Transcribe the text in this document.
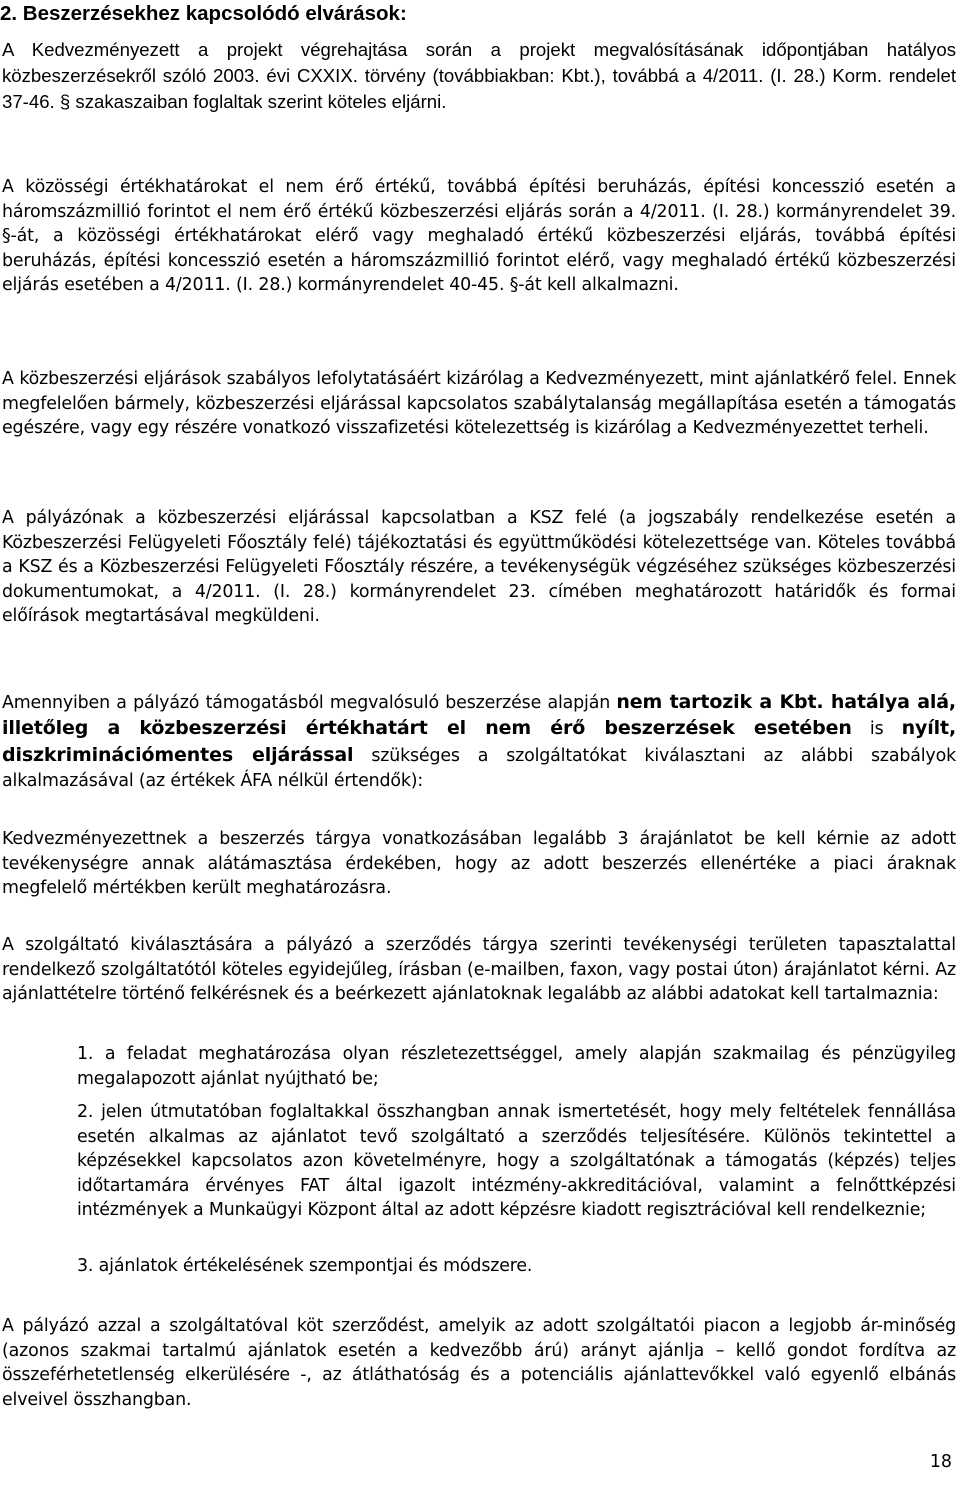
2. Beszerzésekhez kapcsolódó elvárások:

A Kedvezményezett a projekt végrehajtása során a projekt megvalósításának időpontjában hatályos közbeszerzésekről szóló 2003. évi CXXIX. törvény (továbbiakban: Kbt.), továbbá a 4/2011. (I. 28.) Korm. rendelet 37-46. § szakaszaiban foglaltak szerint köteles eljárni.

A közösségi értékhatárokat el nem érő értékű, továbbá építési beruházás, építési koncesszió esetén a háromszázmillió forintot el nem érő értékű közbeszerzési eljárás során a 4/2011. (I. 28.) kormányrendelet 39. §-át, a közösségi értékhatárokat elérő vagy meghaladó értékű közbeszerzési eljárás, továbbá építési beruházás, építési koncesszió esetén a háromszázmillió forintot elérő, vagy meghaladó értékű közbeszerzési eljárás esetében a 4/2011. (I. 28.) kormányrendelet 40-45. §-át kell alkalmazni.

A közbeszerzési eljárások szabályos lefolytatásáért kizárólag a Kedvezményezett, mint ajánlatkérő felel. Ennek megfelelően bármely, közbeszerzési eljárással kapcsolatos szabálytalanság megállapítása esetén a támogatás egészére, vagy egy részére vonatkozó visszafizetési kötelezettség is kizárólag a Kedvezményezettet terheli.

A pályázónak a közbeszerzési eljárással kapcsolatban a KSZ felé (a jogszabály rendelkezése esetén a Közbeszerzési Felügyeleti Főosztály felé) tájékoztatási és együttműködési kötelezettsége van. Köteles továbbá a KSZ és a Közbeszerzési Felügyeleti Főosztály részére, a tevékenységük végzéséhez szükséges közbeszerzési dokumentumokat, a 4/2011. (I. 28.) kormányrendelet 23. címében meghatározott határidők és formai előírások megtartásával megküldeni.

Amennyiben a pályázó támogatásból megvalósuló beszerzése alapján nem tartozik a Kbt. hatálya alá, illetőleg a közbeszerzési értékhatárt el nem érő beszerzések esetében is nyílt, diszkriminációmentes eljárással szükséges a szolgáltatókat kiválasztani az alábbi szabályok alkalmazásával (az értékek ÁFA nélkül értendők):

Kedvezményezettnek a beszerzés tárgya vonatkozásában legalább 3 árajánlatot be kell kérnie az adott tevékenységre annak alátámasztása érdekében, hogy az adott beszerzés ellenértéke a piaci áraknak megfelelő mértékben került meghatározásra.

A szolgáltató kiválasztására a pályázó a szerződés tárgya szerinti tevékenységi területen tapasztalattal rendelkező szolgáltatótól köteles egyidejűleg, írásban (e-mailben, faxon, vagy postai úton) árajánlatot kérni. Az ajánlattételre történő felkérésnek és a beérkezett ajánlatoknak legalább az alábbi adatokat kell tartalmaznia:

1. a feladat meghatározása olyan részletezettséggel, amely alapján szakmailag és pénzügyileg megalapozott ajánlat nyújtható be;

2. jelen útmutatóban foglaltakkal összhangban annak ismertetését, hogy mely feltételek fennállása esetén alkalmas az ajánlatot tevő szolgáltató a szerződés teljesítésére. Különös tekintettel a képzésekkel kapcsolatos azon követelményre, hogy a szolgáltatónak a támogatás (képzés) teljes időtartamára érvényes FAT által igazolt intézmény-akkreditációval, valamint a felnőttképzési intézmények a Munkaügyi Központ által az adott képzésre kiadott regisztrációval kell rendelkeznie;

3. ajánlatok értékelésének szempontjai és módszere.

A pályázó azzal a szolgáltatóval köt szerződést, amelyik az adott szolgáltatói piacon a legjobb ár-minőség (azonos szakmai tartalmú ajánlatok esetén a kedvezőbb árú) arányt ajánlja – kellő gondot fordítva az összeférhetetlenség elkerülésére -, az átláthatóság és a potenciális ajánlattevőkkel való egyenlő elbánás elveivel összhangban.

18
